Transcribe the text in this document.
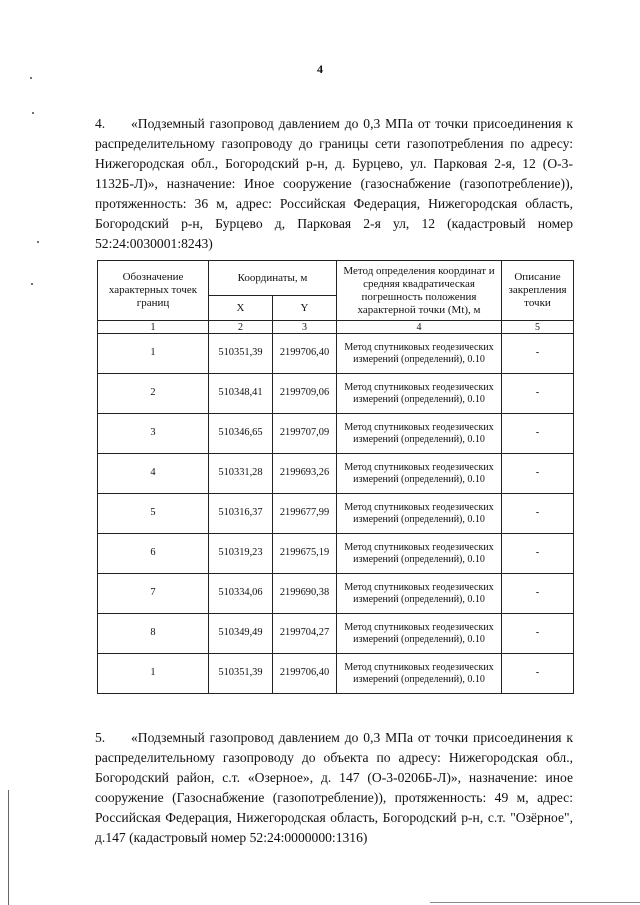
4
4. «Подземный газопровод давлением до 0,3 МПа от точки присоединения к распределительному газопроводу до границы сети газопотребления по адресу: Нижегородская обл., Богородский р-н, д. Бурцево, ул. Парковая 2-я, 12 (О-3-1132Б-Л)», назначение: Иное сооружение (газоснабжение (газопотребление)), протяженность: 36 м, адрес: Российская Федерация, Нижегородская область, Богородский р-н, Бурцево д, Парковая 2-я ул, 12 (кадастровый номер 52:24:0030001:8243)
Обозначение характерных точек границ	Координаты, м		Метод определения координат и средняя квадратическая погрешность положения характерной точки (Mt), м	Описание закрепления точки
	X	Y		
1	2	3	4	5
1	510351,39	2199706,40	Метод спутниковых геодезических измерений (определений), 0.10	-
2	510348,41	2199709,06	Метод спутниковых геодезических измерений (определений), 0.10	-
3	510346,65	2199707,09	Метод спутниковых геодезических измерений (определений), 0.10	-
4	510331,28	2199693,26	Метод спутниковых геодезических измерений (определений), 0.10	-
5	510316,37	2199677,99	Метод спутниковых геодезических измерений (определений), 0.10	-
6	510319,23	2199675,19	Метод спутниковых геодезических измерений (определений), 0.10	-
7	510334,06	2199690,38	Метод спутниковых геодезических измерений (определений), 0.10	-
8	510349,49	2199704,27	Метод спутниковых геодезических измерений (определений), 0.10	-
1	510351,39	2199706,40	Метод спутниковых геодезических измерений (определений), 0.10	-
5. «Подземный газопровод давлением до 0,3 МПа от точки присоединения к распределительному газопроводу до объекта по адресу: Нижегородская обл., Богородский район, с.т. «Озерное», д. 147 (О-3-0206Б-Л)», назначение: иное сооружение (Газоснабжение (газопотребление)), протяженность: 49 м, адрес: Российская Федерация, Нижегородская область, Богородский р-н, с.т. "Озёрное", д.147 (кадастровый номер 52:24:0000000:1316)
